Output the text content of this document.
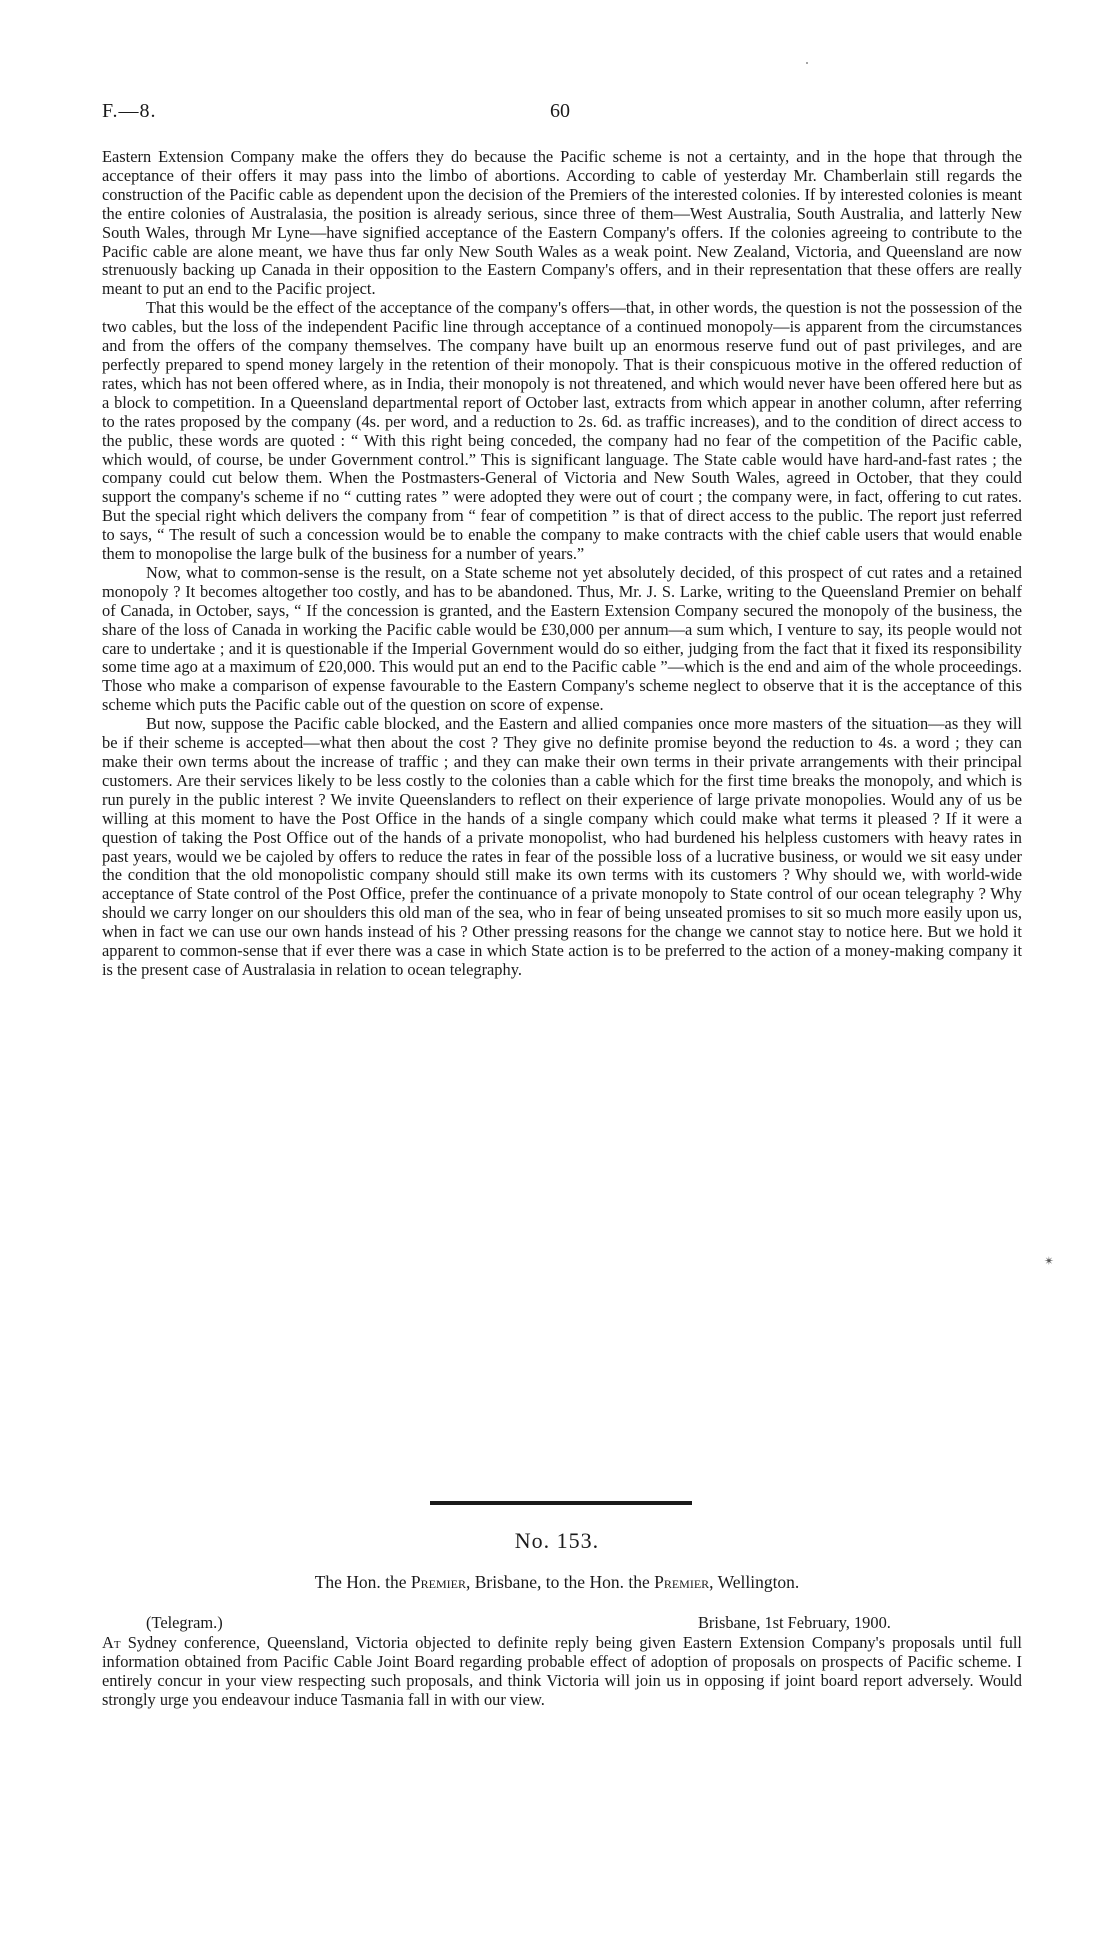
F.—8.	60

Eastern Extension Company make the offers they do because the Pacific scheme is not a certainty, and in the hope that through the acceptance of their offers it may pass into the limbo of abortions. According to cable of yesterday Mr. Chamberlain still regards the construction of the Pacific cable as dependent upon the decision of the Premiers of the interested colonies. If by interested colonies is meant the entire colonies of Australasia, the position is already serious, since three of them—West Australia, South Australia, and latterly New South Wales, through Mr Lyne—have signified acceptance of the Eastern Company's offers. If the colonies agreeing to contribute to the Pacific cable are alone meant, we have thus far only New South Wales as a weak point. New Zealand, Victoria, and Queensland are now strenuously backing up Canada in their opposition to the Eastern Company's offers, and in their representation that these offers are really meant to put an end to the Pacific project.

That this would be the effect of the acceptance of the company's offers—that, in other words, the question is not the possession of the two cables, but the loss of the independent Pacific line through acceptance of a continued monopoly—is apparent from the circumstances and from the offers of the company themselves. The company have built up an enormous reserve fund out of past privileges, and are perfectly prepared to spend money largely in the retention of their monopoly. That is their conspicuous motive in the offered reduction of rates, which has not been offered where, as in India, their monopoly is not threatened, and which would never have been offered here but as a block to competition. In a Queensland departmental report of October last, extracts from which appear in another column, after referring to the rates proposed by the company (4s. per word, and a reduction to 2s. 6d. as traffic increases), and to the condition of direct access to the public, these words are quoted : “ With this right being conceded, the company had no fear of the competition of the Pacific cable, which would, of course, be under Government control.” This is significant language. The State cable would have hard-and-fast rates ; the company could cut below them. When the Postmasters-General of Victoria and New South Wales, agreed in October, that they could support the company's scheme if no “ cutting rates ” were adopted they were out of court ; the company were, in fact, offering to cut rates. But the special right which delivers the company from “ fear of competition ” is that of direct access to the public. The report just referred to says, “ The result of such a concession would be to enable the company to make contracts with the chief cable users that would enable them to monopolise the large bulk of the business for a number of years.”

Now, what to common-sense is the result, on a State scheme not yet absolutely decided, of this prospect of cut rates and a retained monopoly ? It becomes altogether too costly, and has to be abandoned. Thus, Mr. J. S. Larke, writing to the Queensland Premier on behalf of Canada, in October, says, “ If the concession is granted, and the Eastern Extension Company secured the monopoly of the business, the share of the loss of Canada in working the Pacific cable would be £30,000 per annum—a sum which, I venture to say, its people would not care to undertake ; and it is questionable if the Imperial Government would do so either, judging from the fact that it fixed its responsibility some time ago at a maximum of £20,000. This would put an end to the Pacific cable ”—which is the end and aim of the whole proceedings. Those who make a comparison of expense favourable to the Eastern Company's scheme neglect to observe that it is the acceptance of this scheme which puts the Pacific cable out of the question on score of expense.

But now, suppose the Pacific cable blocked, and the Eastern and allied companies once more masters of the situation—as they will be if their scheme is accepted—what then about the cost ? They give no definite promise beyond the reduction to 4s. a word ; they can make their own terms about the increase of traffic ; and they can make their own terms in their private arrangements with their principal customers. Are their services likely to be less costly to the colonies than a cable which for the first time breaks the monopoly, and which is run purely in the public interest ? We invite Queenslanders to reflect on their experience of large private monopolies. Would any of us be willing at this moment to have the Post Office in the hands of a single company which could make what terms it pleased ? If it were a question of taking the Post Office out of the hands of a private monopolist, who had burdened his helpless customers with heavy rates in past years, would we be cajoled by offers to reduce the rates in fear of the possible loss of a lucrative business, or would we sit easy under the condition that the old monopolistic company should still make its own terms with its customers ? Why should we, with world-wide acceptance of State control of the Post Office, prefer the continuance of a private monopoly to State control of our ocean telegraphy ? Why should we carry longer on our shoulders this old man of the sea, who in fear of being unseated promises to sit so much more easily upon us, when in fact we can use our own hands instead of his ? Other pressing reasons for the change we cannot stay to notice here. But we hold it apparent to common-sense that if ever there was a case in which State action is to be preferred to the action of a money-making company it is the present case of Australasia in relation to ocean telegraphy.

✴
No. 153.
The Hon. the Premier, Brisbane, to the Hon. the Premier, Wellington.
(Telegram.)	Brisbane, 1st February, 1900.

At Sydney conference, Queensland, Victoria objected to definite reply being given Eastern Extension Company's proposals until full information obtained from Pacific Cable Joint Board regarding probable effect of adoption of proposals on prospects of Pacific scheme. I entirely concur in your view respecting such proposals, and think Victoria will join us in opposing if joint board report adversely. Would strongly urge you endeavour induce Tasmania fall in with our view.
